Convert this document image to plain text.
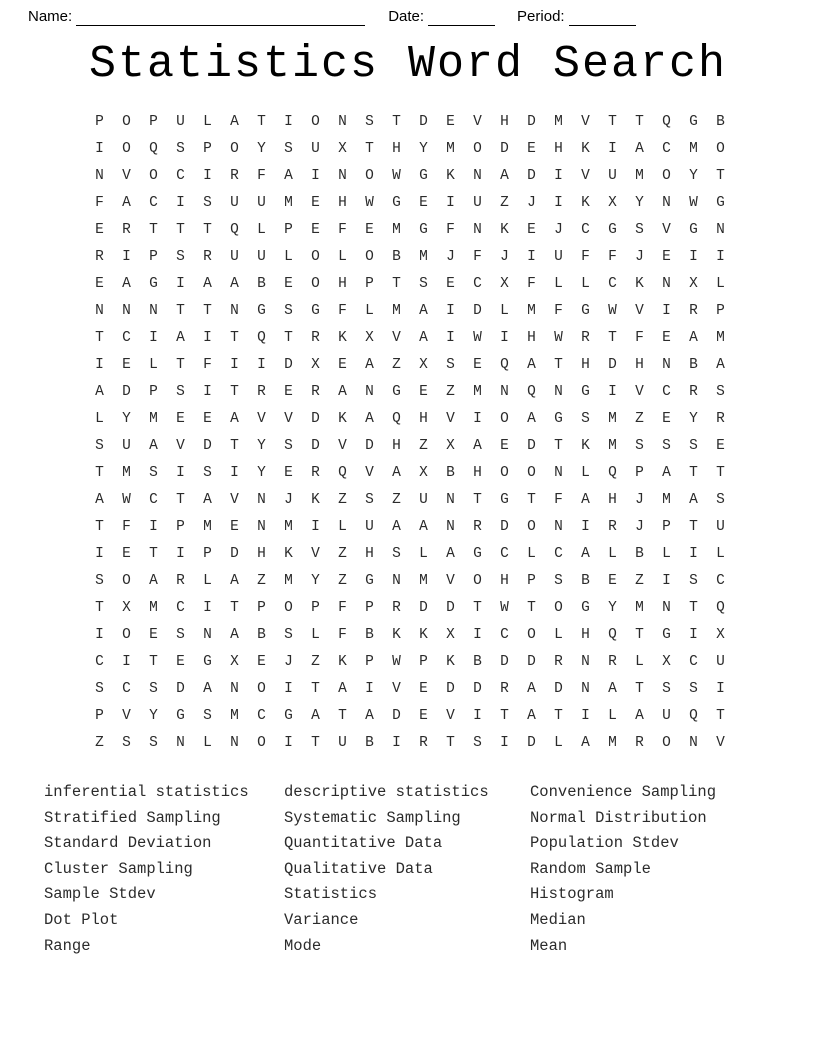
Name:	Date:	Period:
Statistics Word Search
P	O	P	U	L	A	T	I	O	N	S	T	D	E	V	H	D	M	V	T	T	Q	G	B
I	O	Q	S	P	O	Y	S	U	X	T	H	Y	M	O	D	E	H	K	I	A	C	M	O
N	V	O	C	I	R	F	A	I	N	O	W	G	K	N	A	D	I	V	U	M	O	Y	T
F	A	C	I	S	U	U	M	E	H	W	G	E	I	U	Z	J	I	K	X	Y	N	W	G
E	R	T	T	T	Q	L	P	E	F	E	M	G	F	N	K	E	J	C	G	S	V	G	N
R	I	P	S	R	U	U	L	O	L	O	B	M	J	F	J	I	U	F	F	J	E	I	I
E	A	G	I	A	A	B	E	O	H	P	T	S	E	C	X	F	L	L	C	K	N	X	L
N	N	N	T	T	N	G	S	G	F	L	M	A	I	D	L	M	F	G	W	V	I	R	P
T	C	I	A	I	T	Q	T	R	K	X	V	A	I	W	I	H	W	R	T	F	E	A	M
I	E	L	T	F	I	I	D	X	E	A	Z	X	S	E	Q	A	T	H	D	H	N	B	A
A	D	P	S	I	T	R	E	R	A	N	G	E	Z	M	N	Q	N	G	I	V	C	R	S
L	Y	M	E	E	A	V	V	D	K	A	Q	H	V	I	O	A	G	S	M	Z	E	Y	R
S	U	A	V	D	T	Y	S	D	V	D	H	Z	X	A	E	D	T	K	M	S	S	S	E
T	M	S	I	S	I	Y	E	R	Q	V	A	X	B	H	O	O	N	L	Q	P	A	T	T
A	W	C	T	A	V	N	J	K	Z	S	Z	U	N	T	G	T	F	A	H	J	M	A	S
T	F	I	P	M	E	N	M	I	L	U	A	A	N	R	D	O	N	I	R	J	P	T	U
I	E	T	I	P	D	H	K	V	Z	H	S	L	A	G	C	L	C	A	L	B	L	I	L
S	O	A	R	L	A	Z	M	Y	Z	G	N	M	V	O	H	P	S	B	E	Z	I	S	C
T	X	M	C	I	T	P	O	P	F	P	R	D	D	T	W	T	O	G	Y	M	N	T	Q
I	O	E	S	N	A	B	S	L	F	B	K	K	X	I	C	O	L	H	Q	T	G	I	X
C	I	T	E	G	X	E	J	Z	K	P	W	P	K	B	D	D	R	N	R	L	X	C	U
S	C	S	D	A	N	O	I	T	A	I	V	E	D	D	R	A	D	N	A	T	S	S	I
P	V	Y	G	S	M	C	G	A	T	A	D	E	V	I	T	A	T	I	L	A	U	Q	T
Z	S	S	N	L	N	O	I	T	U	B	I	R	T	S	I	D	L	A	M	R	O	N	V
inferential statistics
Stratified Sampling
Standard Deviation
Cluster Sampling
Sample Stdev
Dot Plot
Range
descriptive statistics
Systematic Sampling
Quantitative Data
Qualitative Data
Statistics
Variance
Mode
Convenience Sampling
Normal Distribution
Population Stdev
Random Sample
Histogram
Median
Mean
